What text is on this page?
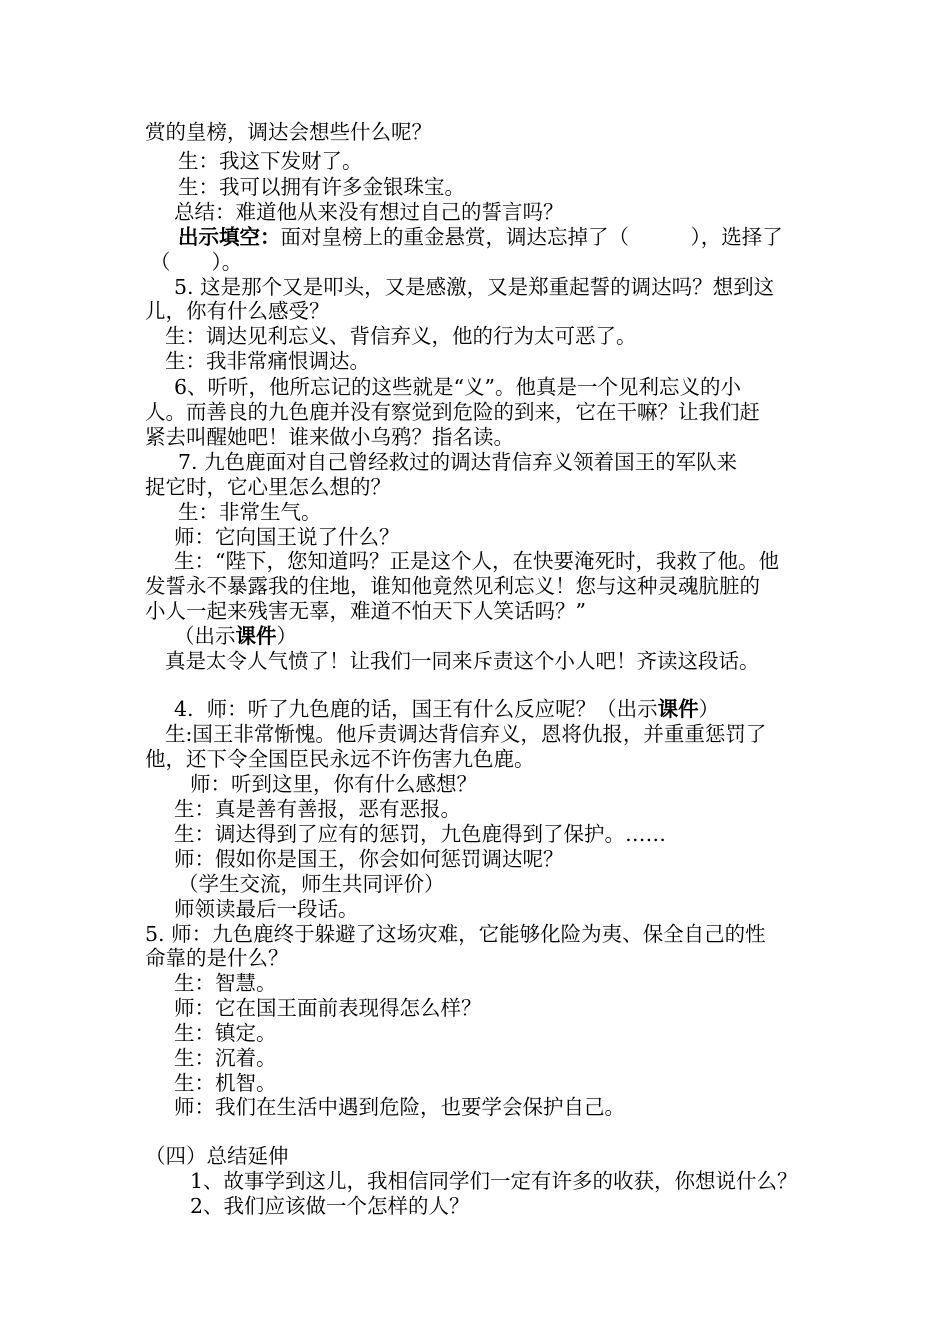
赏的皇榜，调达会想些什么呢？
生：我这下发财了。
生：我可以拥有许多金银珠宝。
总结：难道他从来没有想过自己的誓言吗？
出示填空：面对皇榜上的重金悬赏，调达忘掉了（　　　），选择了
（　　）。
5. 这是那个又是叩头，又是感激，又是郑重起誓的调达吗？想到这
儿，你有什么感受？
生：调达见利忘义、背信弃义，他的行为太可恶了。
生：我非常痛恨调达。
6、听听，他所忘记的这些就是“义”。他真是一个见利忘义的小
人。而善良的九色鹿并没有察觉到危险的到来，它在干嘛？让我们赶
紧去叫醒她吧！谁来做小乌鸦？指名读。
7. 九色鹿面对自己曾经救过的调达背信弃义领着国王的军队来
捉它时，它心里怎么想的？
生：非常生气。
师：它向国王说了什么？
生：“陛下，您知道吗？正是这个人，在快要淹死时，我救了他。他
发誓永不暴露我的住地，谁知他竟然见利忘义！您与这种灵魂肮脏的
小人一起来残害无辜，难道不怕天下人笑话吗？”
（出示课件）
真是太令人气愤了！让我们一同来斥责这个小人吧！齐读这段话。
4.  师：听了九色鹿的话，国王有什么反应呢？（出示课件）
生:国王非常惭愧。他斥责调达背信弃义，恩将仇报，并重重惩罚了
他，还下令全国臣民永远不许伤害九色鹿。
师：听到这里，你有什么感想？
生：真是善有善报，恶有恶报。
生：调达得到了应有的惩罚，九色鹿得到了保护。……
师：假如你是国王，你会如何惩罚调达呢？
（学生交流，师生共同评价）
师领读最后一段话。
5. 师：九色鹿终于躲避了这场灾难，它能够化险为夷、保全自己的性
命靠的是什么？
生：智慧。
师：它在国王面前表现得怎么样？
生：镇定。
生：沉着。
生：机智。
师：我们在生活中遇到危险，也要学会保护自己。
（四）总结延伸
1、故事学到这儿，我相信同学们一定有许多的收获，你想说什么？
2、我们应该做一个怎样的人？
